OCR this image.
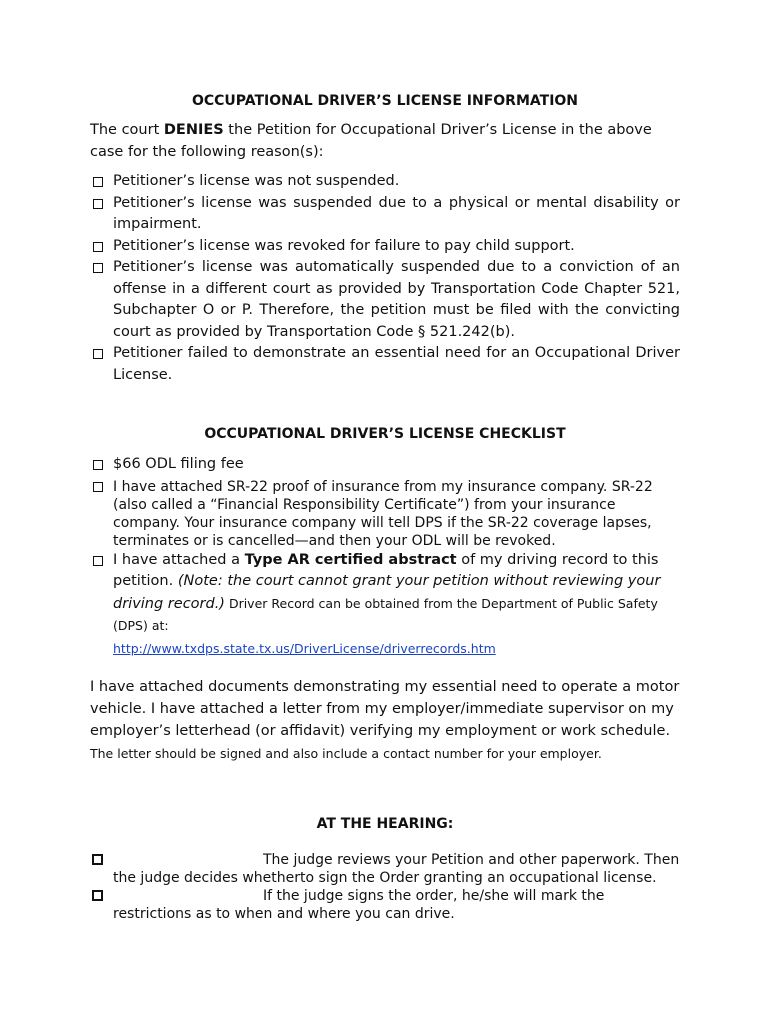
OCCUPATIONAL DRIVER’S LICENSE INFORMATION
The court DENIES the Petition for Occupational Driver’s License in the above case for the following reason(s):
Petitioner’s license was not suspended.
Petitioner’s license was suspended due to a physical or mental disability or impairment.
Petitioner’s license was revoked for failure to pay child support.
Petitioner’s license was automatically suspended due to a conviction of an offense in a different court as provided by Transportation Code Chapter 521, Subchapter O or P. Therefore, the petition must be filed with the convicting court as provided by Transportation Code § 521.242(b).
Petitioner failed to demonstrate an essential need for an Occupational Driver License.
OCCUPATIONAL DRIVER’S LICENSE CHECKLIST
$66 ODL filing fee
I have attached SR-22 proof of insurance from my insurance company. SR-22 (also called a “Financial Responsibility Certificate”) from your insurance company. Your insurance company will tell DPS if the SR-22 coverage lapses, terminates or is cancelled—and then your ODL will be revoked.
I have attached a Type AR certified abstract of my driving record to this petition. (Note: the court cannot grant your petition without reviewing your driving record.) Driver Record can be obtained from the Department of Public Safety (DPS) at:
http://www.txdps.state.tx.us/DriverLicense/driverrecords.htm
I have attached documents demonstrating my essential need to operate a motor vehicle. I have attached a letter from my employer/immediate supervisor on my employer’s letterhead (or affidavit) verifying my employment or work schedule. The letter should be signed and also include a contact number for your employer.
AT THE HEARING:
The judge reviews your Petition and other paperwork. Then the judge decides whetherto sign the Order granting an occupational license.
If the judge signs the order, he/she will mark the restrictions as to when and where you can drive.
